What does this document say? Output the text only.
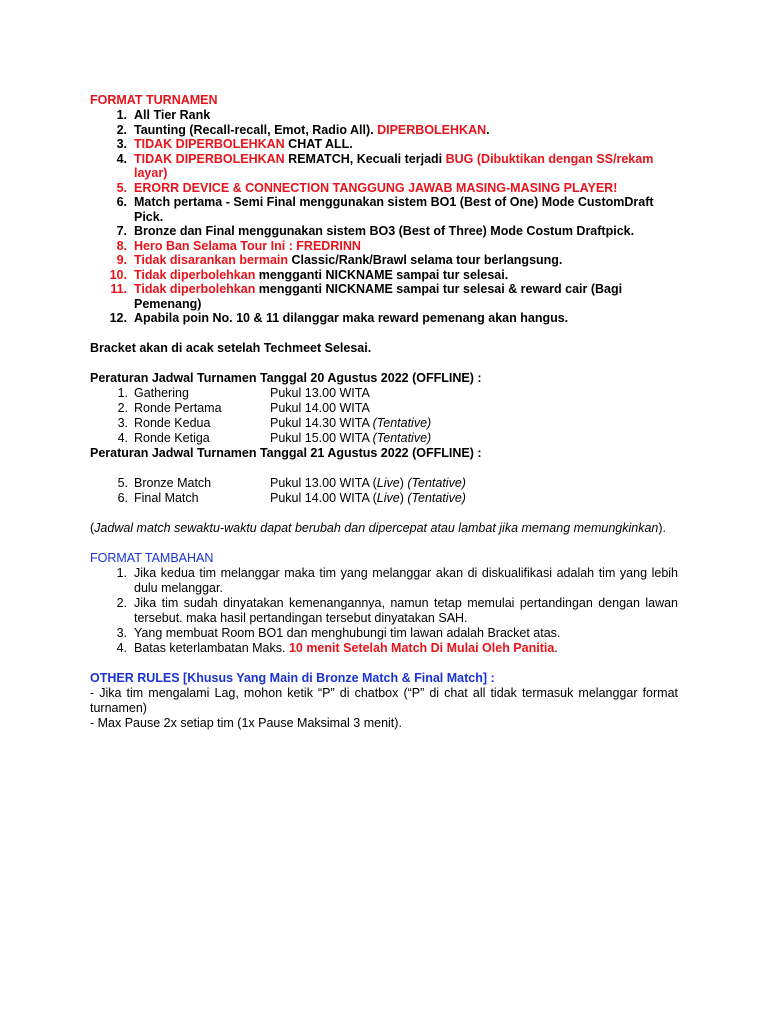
FORMAT TURNAMEN

1. All Tier Rank
2. Taunting (Recall-recall, Emot, Radio All). DIPERBOLEHKAN.
3. TIDAK DIPERBOLEHKAN CHAT ALL.
4. TIDAK DIPERBOLEHKAN REMATCH, Kecuali terjadi BUG (Dibuktikan dengan SS/rekam layar)
5. ERORR DEVICE & CONNECTION TANGGUNG JAWAB MASING-MASING PLAYER!
6. Match pertama - Semi Final menggunakan sistem BO1 (Best of One) Mode CustomDraft Pick.
7. Bronze dan Final menggunakan sistem BO3 (Best of Three) Mode Costum Draftpick.
8. Hero Ban Selama Tour Ini : FREDRINN
9. Tidak disarankan bermain Classic/Rank/Brawl selama tour berlangsung.
10. Tidak diperbolehkan mengganti NICKNAME sampai tur selesai.
11. Tidak diperbolehkan mengganti NICKNAME sampai tur selesai & reward cair (Bagi Pemenang)
12. Apabila poin No. 10 & 11 dilanggar maka reward pemenang akan hangus.

Bracket akan di acak setelah Techmeet Selesai.

Peraturan Jadwal Turnamen Tanggal 20 Agustus 2022 (OFFLINE) :

1. Gathering	Pukul 13.00 WITA
2. Ronde Pertama	Pukul 14.00 WITA
3. Ronde Kedua	Pukul 14.30 WITA (Tentative)
4. Ronde Ketiga	Pukul 15.00 WITA (Tentative)

Peraturan Jadwal Turnamen Tanggal 21 Agustus 2022 (OFFLINE) :

5. Bronze Match	Pukul 13.00 WITA (Live) (Tentative)
6. Final Match	Pukul 14.00 WITA (Live) (Tentative)

(Jadwal match sewaktu-waktu dapat berubah dan dipercepat atau lambat jika memang memungkinkan).

FORMAT TAMBAHAN

1. Jika kedua tim melanggar maka tim yang melanggar akan di diskualifikasi adalah tim yang lebih dulu melanggar.
2. Jika tim sudah dinyatakan kemenangannya, namun tetap memulai pertandingan dengan lawan tersebut. maka hasil pertandingan tersebut dinyatakan SAH.
3. Yang membuat Room BO1 dan menghubungi tim lawan adalah Bracket atas.
4. Batas keterlambatan Maks. 10 menit Setelah Match Di Mulai Oleh Panitia.

OTHER RULES [Khusus Yang Main di Bronze Match & Final Match] :

- Jika tim mengalami Lag, mohon ketik “P” di chatbox (“P” di chat all tidak termasuk melanggar format turnamen)

- Max Pause 2x setiap tim (1x Pause Maksimal 3 menit).
